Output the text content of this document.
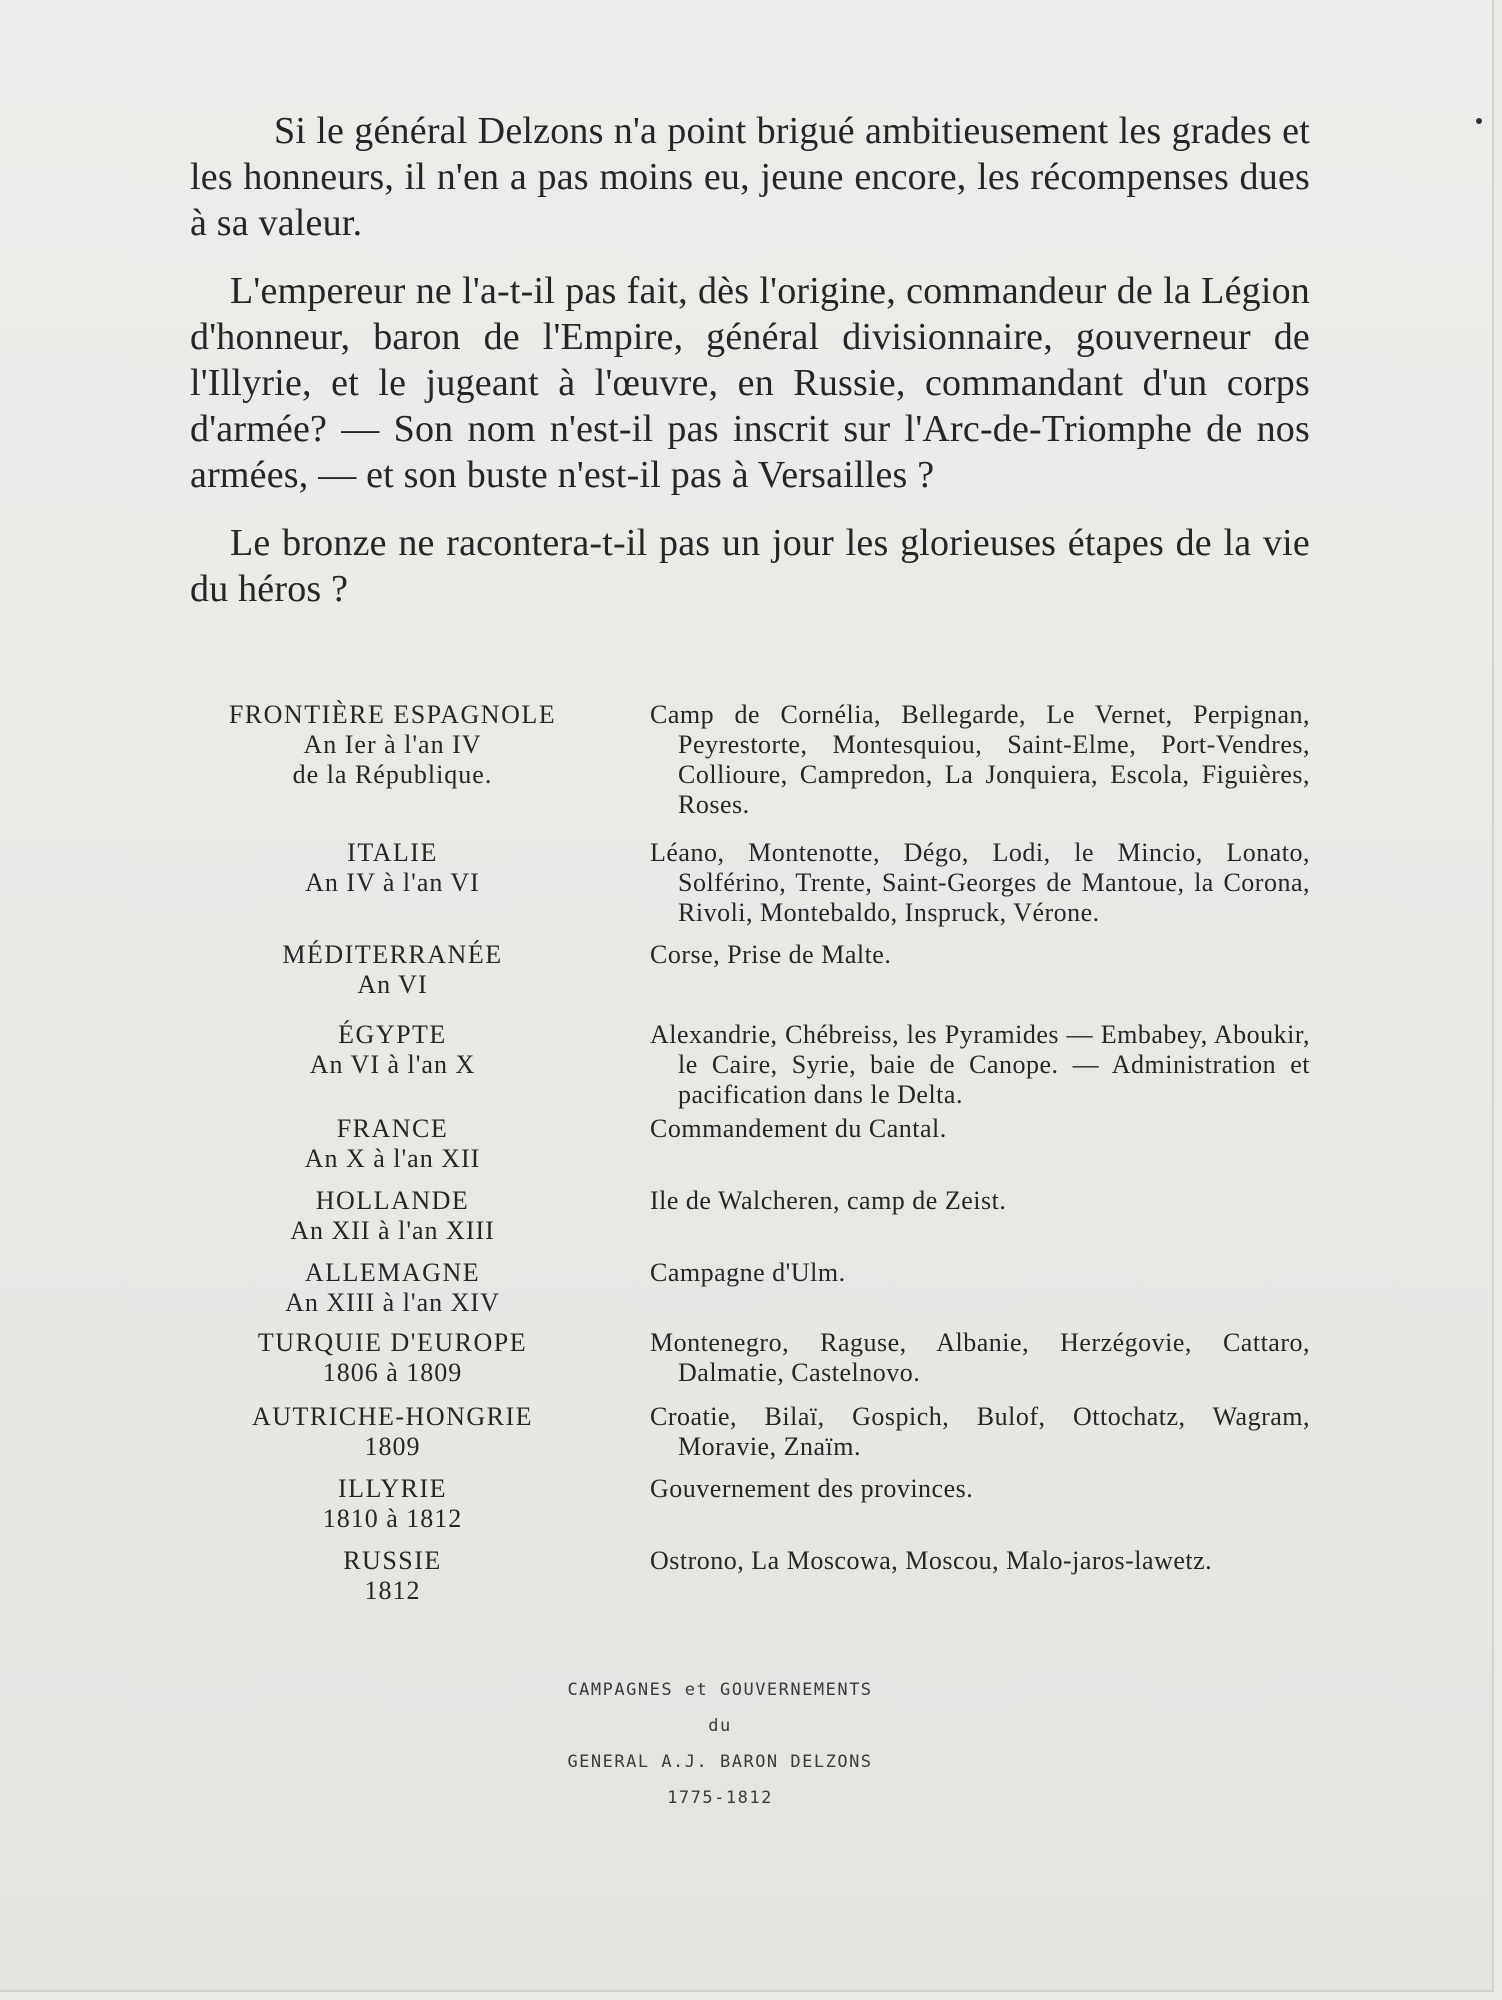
Si le général Delzons n'a point brigué ambitieusement les grades et les honneurs, il n'en a pas moins eu, jeune encore, les récompenses dues à sa valeur.

L'empereur ne l'a-t-il pas fait, dès l'origine, commandeur de la Légion d'honneur, baron de l'Empire, général divisionnaire, gouverneur de l'Illyrie, et le jugeant à l'œuvre, en Russie, commandant d'un corps d'armée? — Son nom n'est-il pas inscrit sur l'Arc-de-Triomphe de nos armées, — et son buste n'est-il pas à Versailles ?

Le bronze ne racontera-t-il pas un jour les glorieuses étapes de la vie du héros ?

FRONTIÈRE ESPAGNOLE
An Ier à l'an IV
de la République.
Camp de Cornélia, Bellegarde, Le Vernet, Perpignan, Peyrestorte, Montesquiou, Saint-Elme, Port-Vendres, Collioure, Campredon, La Jonquiera, Escola, Figuières, Roses.
ITALIE
An IV à l'an VI
Léano, Montenotte, Dégo, Lodi, le Mincio, Lonato, Solférino, Trente, Saint-Georges de Mantoue, la Corona, Rivoli, Montebaldo, Inspruck, Vérone.
MÉDITERRANÉE
An VI
Corse, Prise de Malte.
ÉGYPTE
An VI à l'an X
Alexandrie, Chébreiss, les Pyramides — Embabey, Aboukir, le Caire, Syrie, baie de Canope. — Administration et pacification dans le Delta.
FRANCE
An X à l'an XII
Commandement du Cantal.
HOLLANDE
An XII à l'an XIII
Ile de Walcheren, camp de Zeist.
ALLEMAGNE
An XIII à l'an XIV
Campagne d'Ulm.
TURQUIE D'EUROPE
1806 à 1809
Montenegro, Raguse, Albanie, Herzégovie, Cattaro, Dalmatie, Castelnovo.
AUTRICHE-HONGRIE
1809
Croatie, Bilaï, Gospich, Bulof, Ottochatz, Wagram, Moravie, Znaïm.
ILLYRIE
1810 à 1812
Gouvernement des provinces.
RUSSIE
1812
Ostrono, La Moscowa, Moscou, Malo-jaros-lawetz.
CAMPAGNES et GOUVERNEMENTS
du
GENERAL A.J. BARON DELZONS
1775-1812
